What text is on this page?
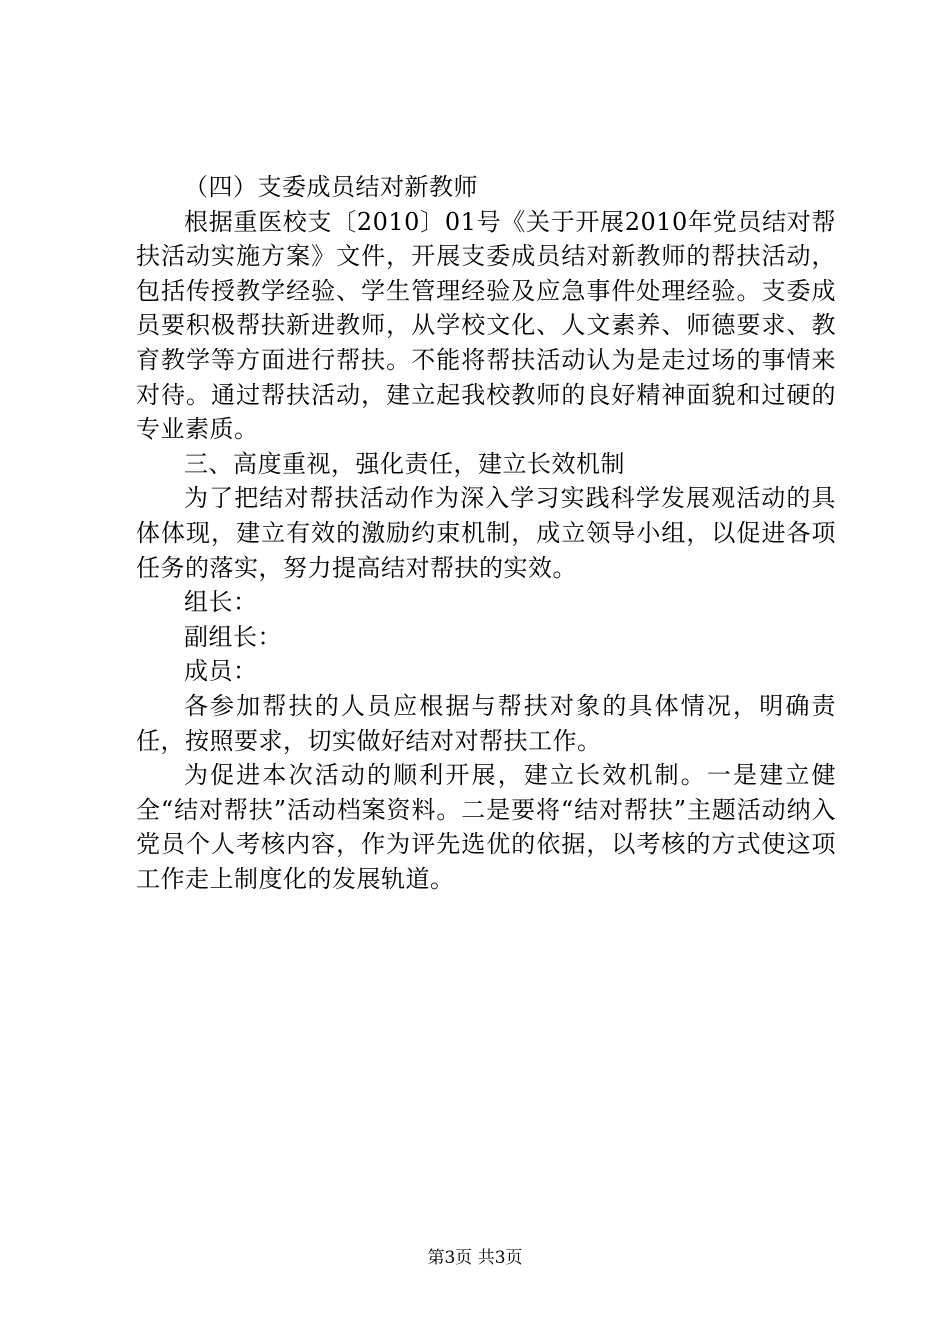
（四）支委成员结对新教师

根据重医校支〔2010〕01号《关于开展2010年党员结对帮扶活动实施方案》文件，开展支委成员结对新教师的帮扶活动，包括传授教学经验、学生管理经验及应急事件处理经验。支委成员要积极帮扶新进教师，从学校文化、人文素养、师德要求、教育教学等方面进行帮扶。不能将帮扶活动认为是走过场的事情来对待。通过帮扶活动，建立起我校教师的良好精神面貌和过硬的专业素质。

三、高度重视，强化责任，建立长效机制

为了把结对帮扶活动作为深入学习实践科学发展观活动的具体体现，建立有效的激励约束机制，成立领导小组，以促进各项任务的落实，努力提高结对帮扶的实效。

组长：

副组长：

成员：

各参加帮扶的人员应根据与帮扶对象的具体情况，明确责任，按照要求，切实做好结对对帮扶工作。

为促进本次活动的顺利开展，建立长效机制。一是建立健全“结对帮扶”活动档案资料。二是要将“结对帮扶”主题活动纳入党员个人考核内容，作为评先选优的依据，以考核的方式使这项工作走上制度化的发展轨道。

第3页 共3页
